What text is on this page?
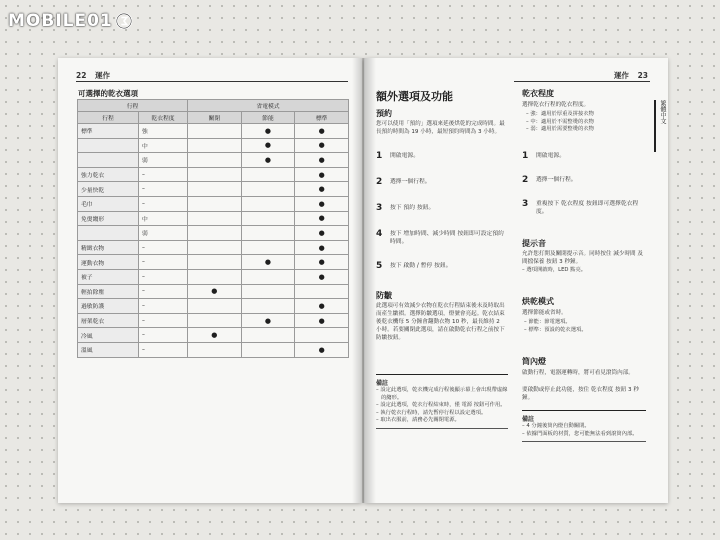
MOBILE01
22 運作
可選擇的乾衣選項
行程		省電模式		
行程	乾衣程度	關閉	節能	標準
標準	強		●	●
	中		●	●
	弱		●	●
強力乾衣	–			●
少量快乾	–			●
毛巾	–			●
免燙縐形	中			●
	弱			●
精緻衣物	–			●
運動衣物	–		●	●
被子	–			●
輕拍除塵	–	●		
過敏防護	–			●
層架乾衣	–		●	●
冷風	–	●		
溫風	–			●
運作 23
繁體中文
額外選項及功能
預約
您可以使用「預約」選項來延後烘乾的完成時間。最長預約時間為 19 小時，最短預約時間為 3 小時。
1	開啟電源。
2	選擇一個行程。
3	按下 預約 按鈕。
4	按下 增加時間、減少時間 按鈕即可設定預約時間。
5	按下 啟動 / 暫停 按鈕。
防皺
此選項可有效減少衣物在乾衣行程結束後未及時取出而產生皺褶。選擇防皺選項，燈號會亮起。乾衣結束後乾衣機每 5 分鐘會翻動衣物 10 秒，最長維持 2 小時。若要關閉此選項，請在啟動乾衣行程之前按下防皺按鈕。
備註
– 設定此選項，乾衣機完成行程後顯示幕上會出現帶虛線的縐形。
– 設定此選項，乾衣行程結束時，僅 電源 按鈕可作用。
– 執行乾衣行程時，請先暫停行程以設定選項。
– 取出衣服前，請務必先關閉電源。
乾衣程度
選擇乾衣行程的乾衣程度。
– 強：適用於厚重及拼接衣物
– 中：適用於不需整燙的衣物
– 弱：適用於需要整燙的衣物
1	開啟電源。
2	選擇一個行程。
3	重複按下 乾衣程度 按鈕即可選擇乾衣程度。
提示音
允許您打開及關閉提示音。同時按住 減少時間 及 間擋保養 按鈕 3 秒鐘。
– 選項開啟時，LED 點亮。
烘乾模式
選擇節能或省時。
– 節能：節電選項。
– 標準：預設的乾衣選項。
筒內燈
啟動行程，電器運轉時，將可看見滾筒內部。
要啟動或停止此功能，按住 乾衣程度 按鈕 3 秒鐘。
備註
– 4 分鐘後筒內燈自動關閉。
– 依據門面板的材質，您可能無法看到滾筒內部。
